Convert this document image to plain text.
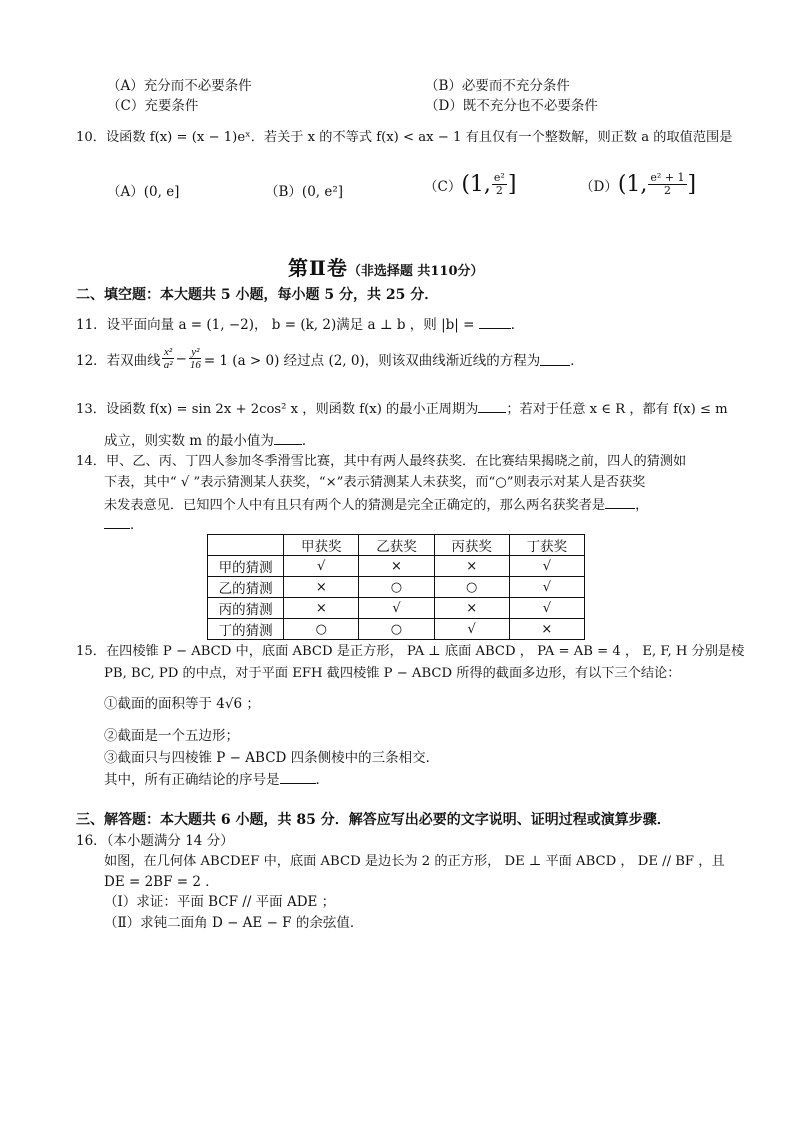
（A）充分而不必要条件	（B）必要而不充分条件
（C）充要条件	（D）既不充分也不必要条件
10．设函数 f(x) = (x − 1)eˣ．若关于 x 的不等式 f(x) < ax − 1 有且仅有一个整数解，则正数 a 的取值范围是
（A）(0, e]	（B）(0, e²]	（C） (1, $\frac{\text{e²}}{2}$ ]	（D） (1, $\frac{\text{e² + 1}}{2}$ ]
第Ⅱ卷（非选择题 共110分）
二、填空题：本大题共 5 小题，每小题 5 分，共 25 分．
11．设平面向量 a = (1, −2)， b = (k, 2)满足 a ⊥ b ，则 |b| = ．
12．若双曲线 $\frac{\text{x²}}{\text{a²}} - \frac{\text{y²}}{16} = 1$ (a > 0) 经过点 (2, 0)，则该双曲线渐近线的方程为 ．
13．设函数 f(x) = sin 2x + 2cos² x ，则函数 f(x) 的最小正周期为 ；若对于任意 x ∈ R ，都有 f(x) ≤ m
成立，则实数 m 的最小值为 ．
14．甲、乙、丙、丁四人参加冬季滑雪比赛，其中有两人最终获奖．在比赛结果揭晓之前，四人的猜测如
下表，其中“ √ ”表示猜测某人获奖，“×”表示猜测某人未获奖，而“○”则表示对某人是否获奖
未发表意见．已知四个人中有且只有两个人的猜测是完全正确定的，那么两名获奖者是 ，
．
	甲获奖	乙获奖	丙获奖	丁获奖
甲的猜测	√	×	×	√
乙的猜测	×	○	○	√
丙的猜测	×	√	×	√
丁的猜测	○	○	√	×
15．在四棱锥 P − ABCD 中，底面 ABCD 是正方形， PA ⊥ 底面 ABCD ， PA = AB = 4 ， E, F, H 分别是棱
PB, BC, PD 的中点，对于平面 EFH 截四棱锥 P − ABCD 所得的截面多边形，有以下三个结论：
①截面的面积等于 4√6 ；
②截面是一个五边形；
③截面只与四棱锥 P − ABCD 四条侧棱中的三条相交．
其中，所有正确结论的序号是	．
三、解答题：本大题共 6 小题，共 85 分．解答应写出必要的文字说明、证明过程或演算步骤．
16．（本小题满分 14 分）
如图，在几何体 ABCDEF 中，底面 ABCD 是边长为 2 的正方形， DE ⊥ 平面 ABCD ， DE // BF ，且
DE = 2BF = 2 ．
（Ⅰ）求证：平面 BCF // 平面 ADE ；
（Ⅱ）求钝二面角 D − AE − F 的余弦值．
